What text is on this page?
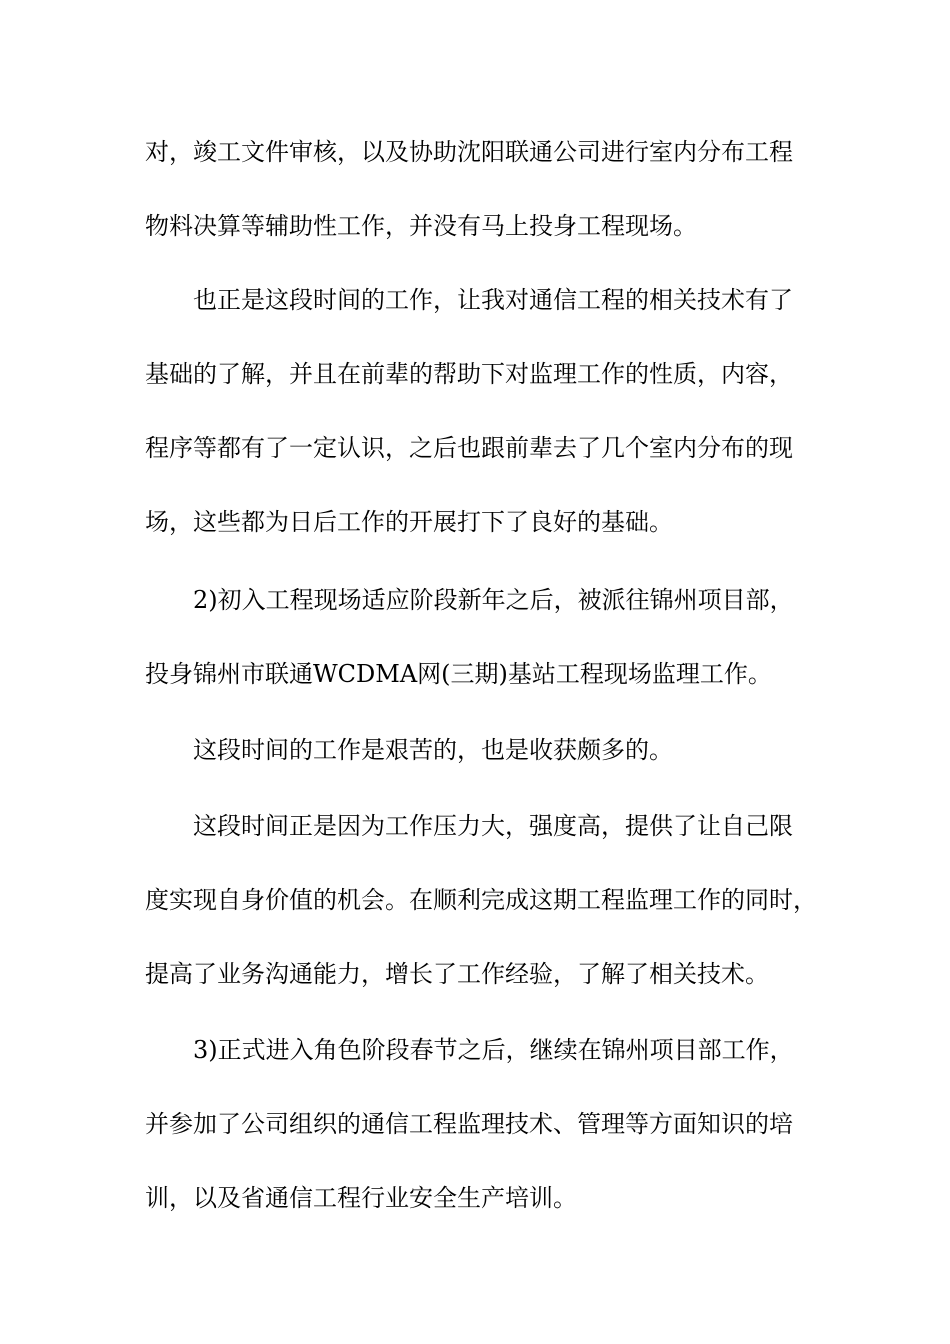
对，竣工文件审核，以及协助沈阳联通公司进行室内分布工程
物料决算等辅助性工作，并没有马上投身工程现场。
也正是这段时间的工作，让我对通信工程的相关技术有了
基础的了解，并且在前辈的帮助下对监理工作的性质，内容，
程序等都有了一定认识，之后也跟前辈去了几个室内分布的现
场，这些都为日后工作的开展打下了良好的基础。
2)初入工程现场适应阶段新年之后，被派往锦州项目部，
投身锦州市联通WCDMA网(三期)基站工程现场监理工作。
这段时间的工作是艰苦的，也是收获颇多的。
这段时间正是因为工作压力大，强度高，提供了让自己限
度实现自身价值的机会。在顺利完成这期工程监理工作的同时，
提高了业务沟通能力，增长了工作经验，了解了相关技术。
3)正式进入角色阶段春节之后，继续在锦州项目部工作，
并参加了公司组织的通信工程监理技术、管理等方面知识的培
训，以及省通信工程行业安全生产培训。
